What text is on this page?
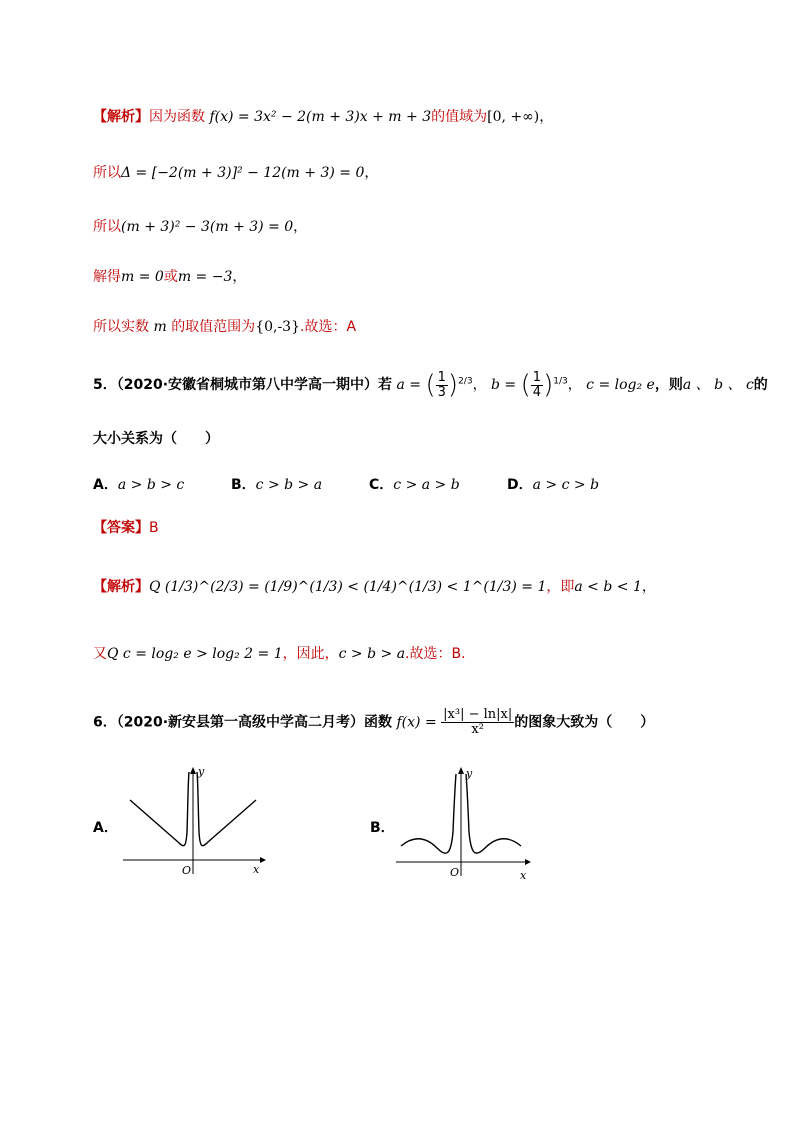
【解析】因为函数 f(x) = 3x² − 2(m + 3)x + m + 3的值域为[0, +∞)，
所以Δ = [−2(m + 3)]² − 12(m + 3) = 0，
所以(m + 3)² − 3(m + 3) = 0，
解得m = 0或m = −3，
所以实数 m 的取值范围为{0,-3}.故选：A
5．（2020·安徽省桐城市第八中学高一期中）若 a = ( $\frac{1}{3} )^{2/3}$， b = ( $\frac{1}{4} )^{1/3}$， c = log₂ e，则a 、 b 、 c的
大小关系为（　　）
A．a > b > c	B．c > b > a	C．c > a > b	D．a > c > b
【答案】B
【解析】Q (1/3)^(2/3) = (1/9)^(1/3) < (1/4)^(1/3) < 1^(1/3) = 1，即a < b < 1，
又Q c = log₂ e > log₂ 2 = 1，因此，c > b > a.故选：B.
6．（2020·新安县第一高级中学高二月考）函数 $f(x) = \frac{\text{|x³| − ln|x|}}{\text{x²}}$ 的图象大致为（　　）
A．	B．
y
x
O
y
x
O
